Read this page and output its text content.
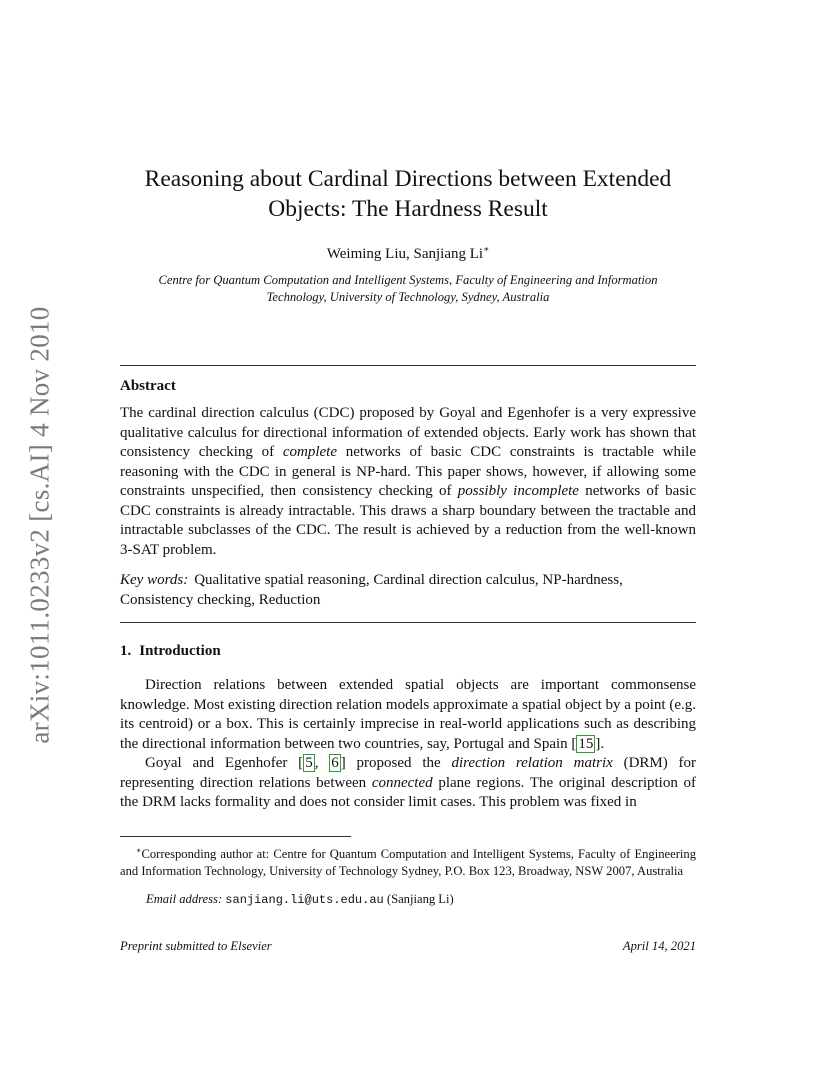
arXiv:1011.0233v2 [cs.AI] 4 Nov 2010
Reasoning about Cardinal Directions between Extended
Objects: The Hardness Result
Weiming Liu, Sanjiang Li∗
Centre for Quantum Computation and Intelligent Systems, Faculty of Engineering and Information
Technology, University of Technology, Sydney, Australia
Abstract
The cardinal direction calculus (CDC) proposed by Goyal and Egenhofer is a very expressive qualitative calculus for directional information of extended objects. Early work has shown that consistency checking of complete networks of basic CDC constraints is tractable while reasoning with the CDC in general is NP-hard. This paper shows, however, if allowing some constraints unspecified, then consistency checking of possibly incomplete networks of basic CDC constraints is already intractable. This draws a sharp boundary between the tractable and intractable subclasses of the CDC. The result is achieved by a reduction from the well-known 3-SAT problem.
Key words: Qualitative spatial reasoning, Cardinal direction calculus, NP-hardness, Consistency checking, Reduction
1. Introduction
Direction relations between extended spatial objects are important commonsense knowledge. Most existing direction relation models approximate a spatial object by a point (e.g. its centroid) or a box. This is certainly imprecise in real-world applications such as describing the directional information between two countries, say, Portugal and Spain [ 15 ].
Goyal and Egenhofer [ 5 , 6 ] proposed the direction relation matrix (DRM) for representing direction relations between connected plane regions. The original description of the DRM lacks formality and does not consider limit cases. This problem was fixed in
∗Corresponding author at: Centre for Quantum Computation and Intelligent Systems, Faculty of Engineering and Information Technology, University of Technology Sydney, P.O. Box 123, Broadway, NSW 2007, Australia
Email address: sanjiang.li@uts.edu.au (Sanjiang Li)
Preprint submitted to Elsevier	April 14, 2021
